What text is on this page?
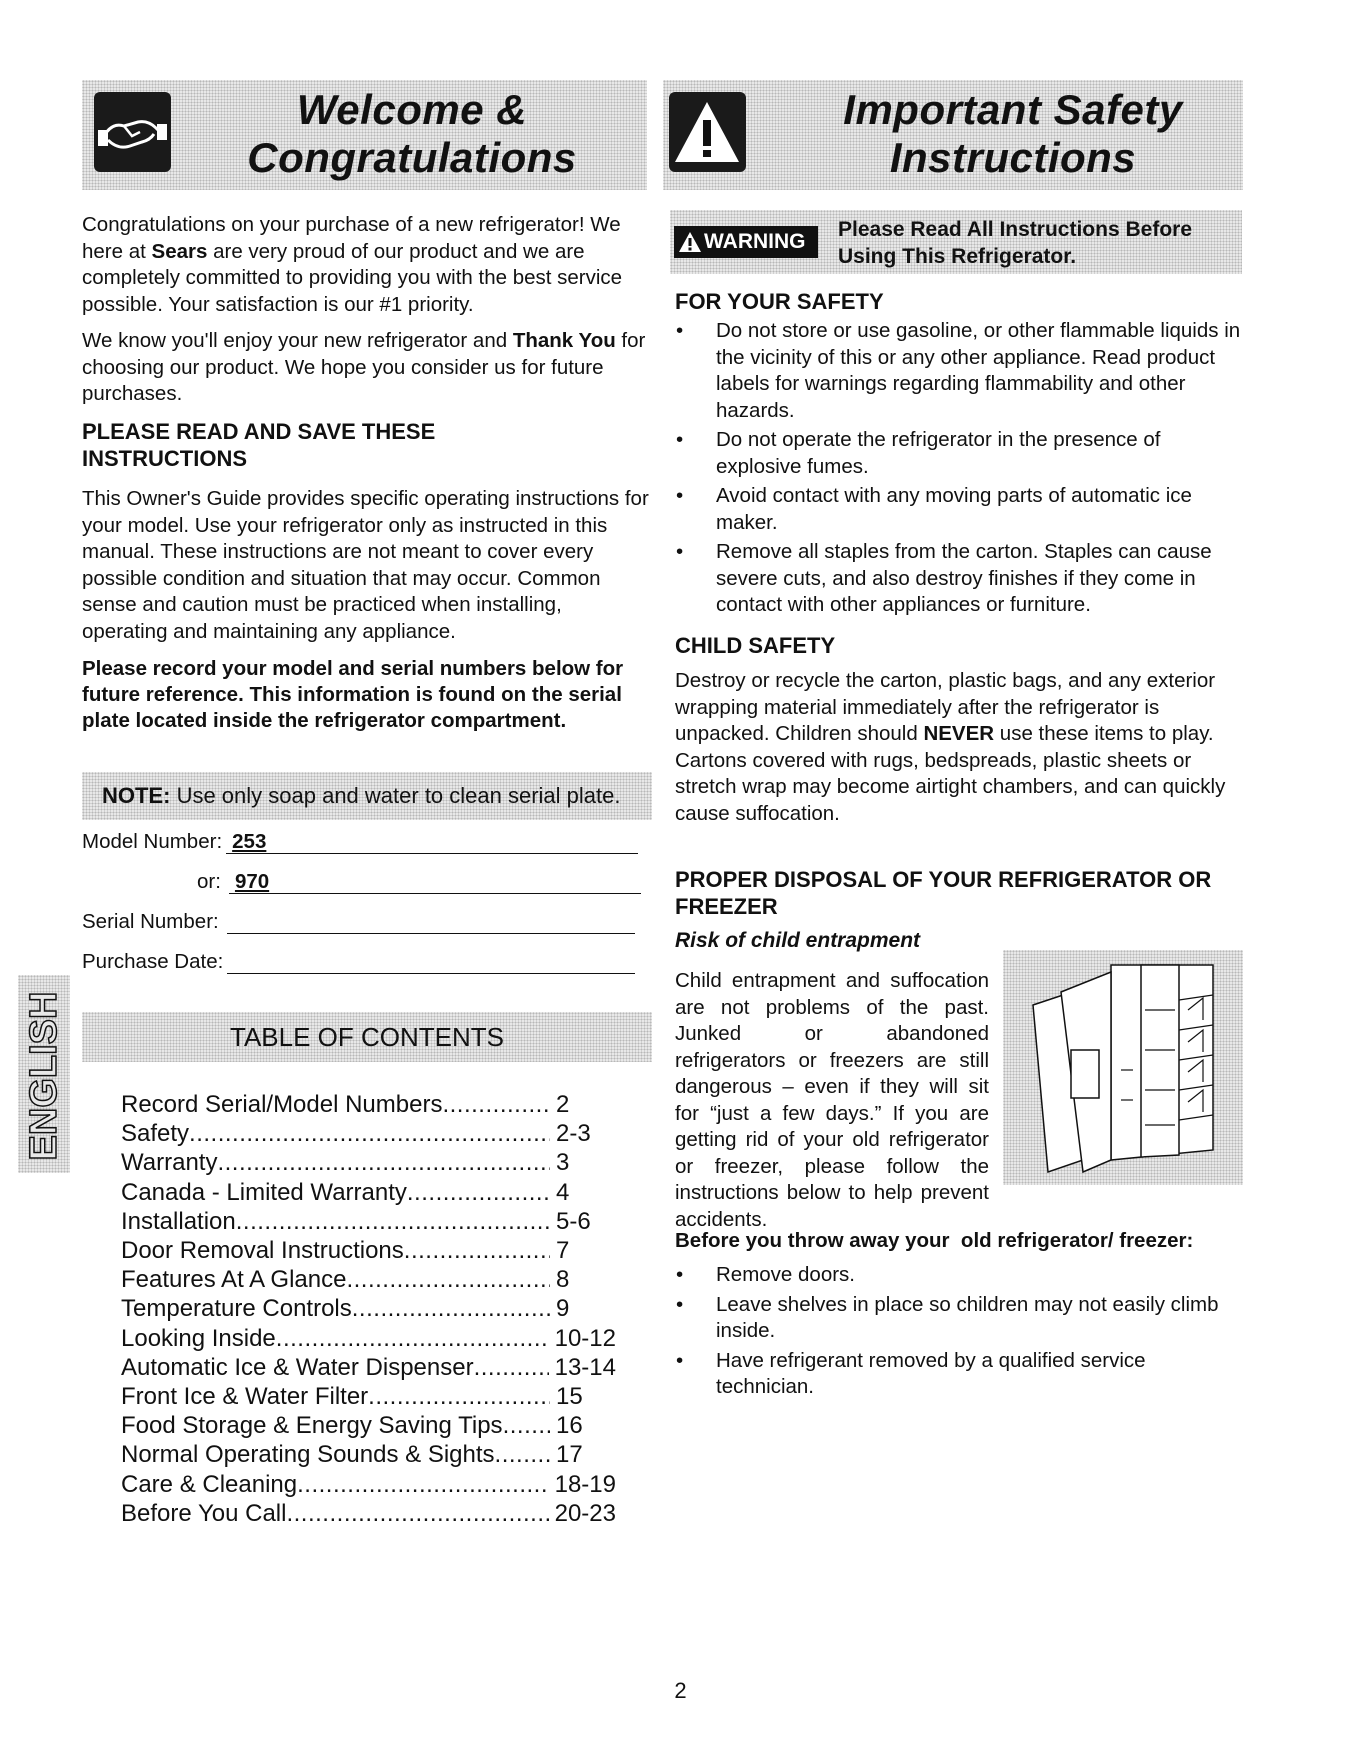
Welcome &
Congratulations
Important Safety
Instructions
Congratulations on your purchase of a new refrigerator! We here at Sears are very proud of our product and we are completely committed to providing you with the best service possible. Your satisfaction is our #1 priority.
We know you'll enjoy your new refrigerator and Thank You for choosing our product. We hope you consider us for future purchases.
PLEASE READ AND SAVE THESE INSTRUCTIONS
This Owner's Guide provides specific operating instructions for your model. Use your refrigerator only as instructed in this manual. These instructions are not meant to cover every possible condition and situation that may occur. Common sense and caution must be practiced when installing, operating and maintaining any appliance.
Please record your model and serial numbers below for future reference. This information is found on the serial plate located inside the refrigerator compartment.
NOTE: Use only soap and water to clean serial plate.
Model Number: 253
or: 970
Serial Number:
Purchase Date:
ENGLISH	TABLE OF CONTENTS
Record Serial/Model Numbers .....	2
Safety .....	2-3
Warranty .....	3
Canada - Limited Warranty .....	4
Installation .....	5-6
Door Removal Instructions .....	7
Features At A Glance .....	8
Temperature Controls .....	9
Looking Inside .....	10-12
Automatic Ice & Water Dispenser .....	13-14
Front Ice & Water Filter .....	15
Food Storage & Energy Saving Tips ..... 16
Normal Operating Sounds & Sights .....	17
Care & Cleaning .....	18-19
Before You Call .....	20-23
WARNING
Please Read All Instructions Before
Using This Refrigerator.
FOR YOUR SAFETY
• Do not store or use gasoline, or other flammable liquids in the vicinity of this or any other appliance. Read product labels for warnings regarding flammability and other hazards.
• Do not operate the refrigerator in the presence of explosive fumes.
• Avoid contact with any moving parts of automatic ice maker.
• Remove all staples from the carton. Staples can cause severe cuts, and also destroy finishes if they come in contact with other appliances or furniture.
CHILD SAFETY
Destroy or recycle the carton, plastic bags, and any exterior wrapping material immediately after the refrigerator is unpacked. Children should NEVER use these items to play. Cartons covered with rugs, bedspreads, plastic sheets or stretch wrap may become airtight chambers, and can quickly cause suffocation.
PROPER DISPOSAL OF YOUR REFRIGERATOR OR FREEZER
Risk of child entrapment
Child entrapment and suffocation are not problems of the past. Junked or abandoned refrigerators or freezers are still dangerous – even if they will sit for “just a few days.” If you are getting rid of your old refrigerator or freezer, please follow the instructions below to help prevent accidents.
Before you throw away your  old refrigerator/ freezer:
• Remove doors.
• Leave shelves in place so children may not easily climb inside.
• Have refrigerant removed by a qualified service technician.
2
